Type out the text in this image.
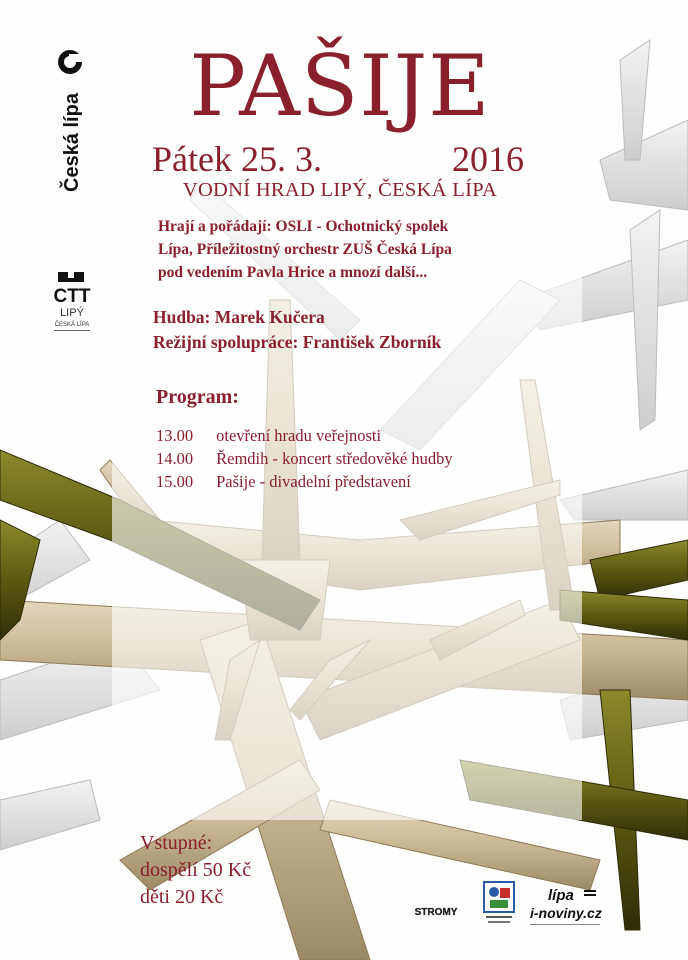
PAŠIJE
Pátek 25. 3.	2016
VODNÍ HRAD LIPÝ, ČESKÁ LÍPA
Hrají a pořádají: OSLI - Ochotnický spolek
Lípa, Příležitostný orchestr ZUŠ Česká Lípa
pod vedením Pavla Hrice a mnozí další...
Hudba: Marek Kučera
Režijní spolupráce: František Zborník
Program:
13.00 otevření hradu veřejnosti
14.00 Řemdih - koncert středověké hudby
15.00 Pašije - divadelní představení
Vstupné:
dospělí 50 Kč
děti 20 Kč
Česká lípa
CTT
LIPÝ
ČESKÁ LÍPA
STROMY
lípa
i-noviny.cz
